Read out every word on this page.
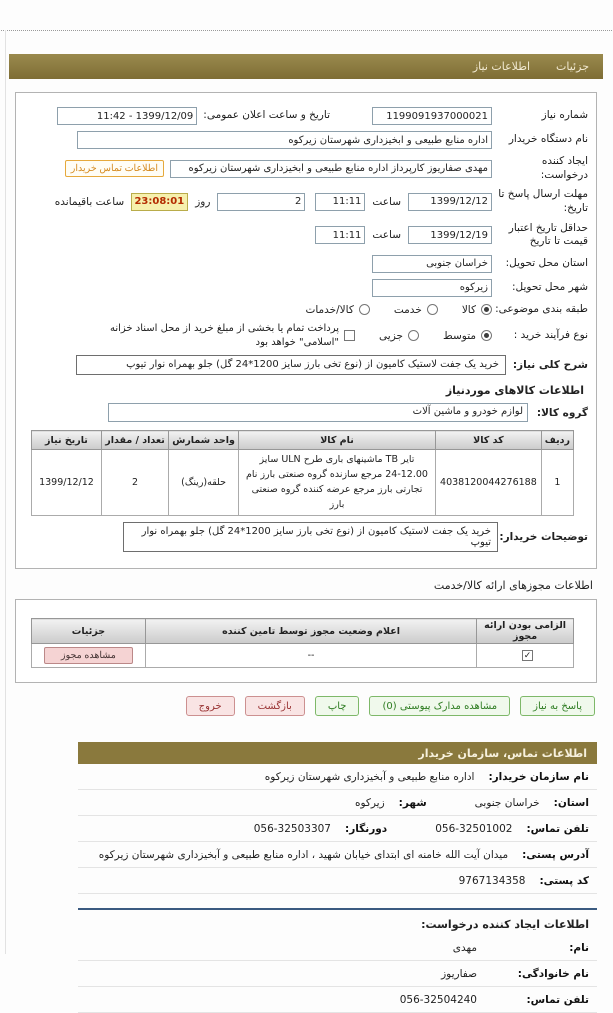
جزئیات
اطلاعات نیاز
شماره نیاز
1199091937000021
تاریخ و ساعت اعلان عمومی:
1399/12/09 - 11:42
نام دستگاه خریدار
اداره منابع طبیعی و آبخیزداری شهرستان زیرکوه
ایجاد کننده درخواست:
مهدی صفاریوز کارپرداز اداره منابع طبیعی و آبخیزداری شهرستان زیرکوه
اطلاعات تماس خریدار
مهلت ارسال پاسخ تا تاریخ:
1399/12/12
ساعت
11:11
2
روز
23:08:01
ساعت باقیمانده
حداقل تاریخ اعتبار قیمت تا تاریخ
1399/12/19
ساعت
11:11
استان محل تحویل:
خراسان جنوبی
شهر محل تحویل:
زیرکوه
طبقه بندی موضوعی:
کالا
خدمت
کالا/خدمات
نوع فرآیند خرید :
متوسط
جزیی
پرداخت تمام یا بخشی از مبلغ خرید از محل اسناد خزانه "اسلامی" خواهد بود
شرح کلی نیاز:
خرید یک جفت لاستیک کامیون از (نوع تخی بارز سایز 1200*24 گل) جلو بهمراه نوار تیوپ
اطلاعات کالاهای موردنیاز
گروه کالا:
لوازم خودرو و ماشین آلات
ردیف	کد کالا	نام کالا	واحد شمارش	تعداد / مقدار	تاریخ نیاز
1	4038120044276188	تایر TB ماشینهای باری طرح ULN سایز 12.00-24 مرجع سازنده گروه صنعتی بارز نام تجارتی بارز مرجع عرضه کننده گروه صنعتی بارز	حلقه(رینگ)	2	1399/12/12
توضیحات خریدار:
خرید یک جفت لاستیک کامیون از (نوع تخی بارز سایز 1200*24 گل) جلو بهمراه نوار تیوپ
اطلاعات مجوزهای ارائه کالا/خدمت
الزامی بودن ارائه مجوز	اعلام وضعیت مجوز توسط تامین کننده	جزئیات
✓	--	مشاهده مجوز
پاسخ به نیاز
مشاهده مدارک پیوستی (0)
چاپ
بازگشت
خروج
اطلاعات تماس، سازمان خریدار
نام سازمان خریدار:
اداره منابع طبیعی و آبخیزداری شهرستان زیرکوه
استان:
خراسان جنوبی
شهر:
زیرکوه
تلفن تماس:
056-32501002
دورنگار:
056-32503307
آدرس پستی:
میدان آیت الله خامنه ای ابتدای خیابان شهید ، اداره منابع طبیعی و آبخیزداری شهرستان زیرکوه
کد پستی:
9767134358
اطلاعات ایجاد کننده درخواست:
نام:
مهدی
نام خانوادگی:
صفاریوز
تلفن تماس:
056-32504240
